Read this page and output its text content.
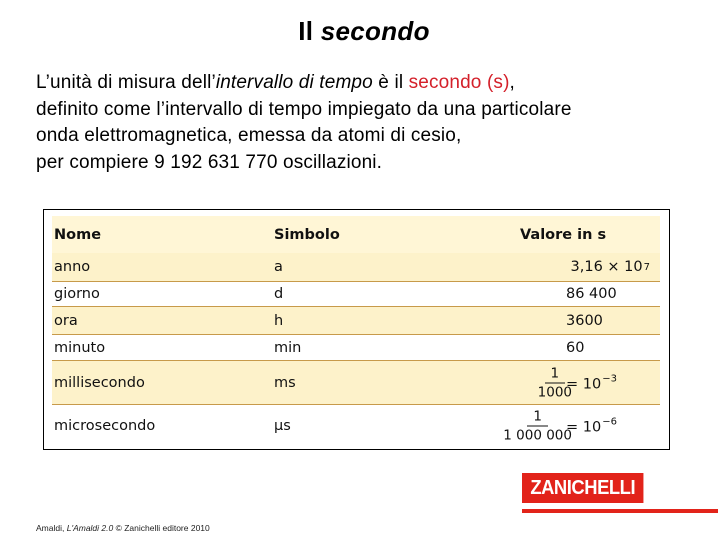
Il secondo
L’unità di misura dell’intervallo di tempo è il secondo (s),
definito come l’intervallo di tempo impiegato da una particolare
onda elettromagnetica, emessa da atomi di cesio,
per compiere 9 192 631 770 oscillazioni.
Nome	Simbolo	Valore in s
anno	a	3,16 × 10 7
giorno	d	86 400
ora	h	3600
minuto	min	60
millisecondo	ms	$\frac{1}{1000}$
= $10^{-3}$
microsecondo	µs	$\frac{1}{1 000 000}$
= $10^{-6}$
ZANICHELLI
Amaldi, L'Amaldi 2.0 © Zanichelli editore 2010
